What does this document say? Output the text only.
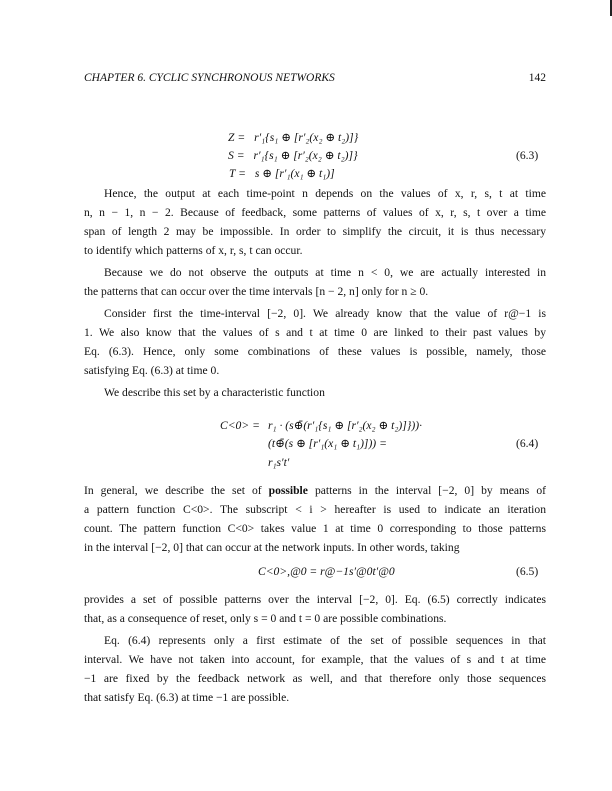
CHAPTER 6. CYCLIC SYNCHRONOUS NETWORKS	142
Z = r′₁{s₁ ⊕ [r′₂(x₂ ⊕ t₂)]}
S = r′₁{s₁ ⊕ [r′₂(x₂ ⊕ t₂)]}
T = s ⊕ [r′₁(x₁ ⊕ t₁)]
(6.3)
Hence, the output at each time-point n depends on the values of x, r, s, t at time
n, n − 1, n − 2. Because of feedback, some patterns of values of x, r, s, t over a time
span of length 2 may be impossible. In order to simplify the circuit, it is thus necessary
to identify which patterns of x, r, s, t can occur.
Because we do not observe the outputs at time n < 0, we are actually interested in
the patterns that can occur over the time intervals [n − 2, n] only for n ≥ 0.
Consider first the time-interval [−2, 0]. We already know that the value of r@−1 is
1. We also know that the values of s and t at time 0 are linked to their past values by
Eq. (6.3). Hence, only some combinations of these values is possible, namely, those
satisfying Eq. (6.3) at time 0.
We describe this set by a characteristic function
C<0> = r₁ · (s⊕̄(r′₁{s₁ ⊕ [r′₂(x₂ ⊕ t₂)]}))·
(t⊕̄(s ⊕ [r′₁(x₁ ⊕ t₁)])) =
r₁s′t′
(6.4)
In general, we describe the set of possible patterns in the interval [−2, 0] by means of
a pattern function C<0>. The subscript < i > hereafter is used to indicate an iteration
count. The pattern function C<0> takes value 1 at time 0 corresponding to those patterns
in the interval [−2, 0] that can occur at the network inputs. In other words, taking
C<0>,@0 = r@−1s′@0t′@0	(6.5)
provides a set of possible patterns over the interval [−2, 0]. Eq. (6.5) correctly indicates
that, as a consequence of reset, only s = 0 and t = 0 are possible combinations.
Eq. (6.4) represents only a first estimate of the set of possible sequences in that
interval. We have not taken into account, for example, that the values of s and t at time
−1 are fixed by the feedback network as well, and that therefore only those sequences
that satisfy Eq. (6.3) at time −1 are possible.
